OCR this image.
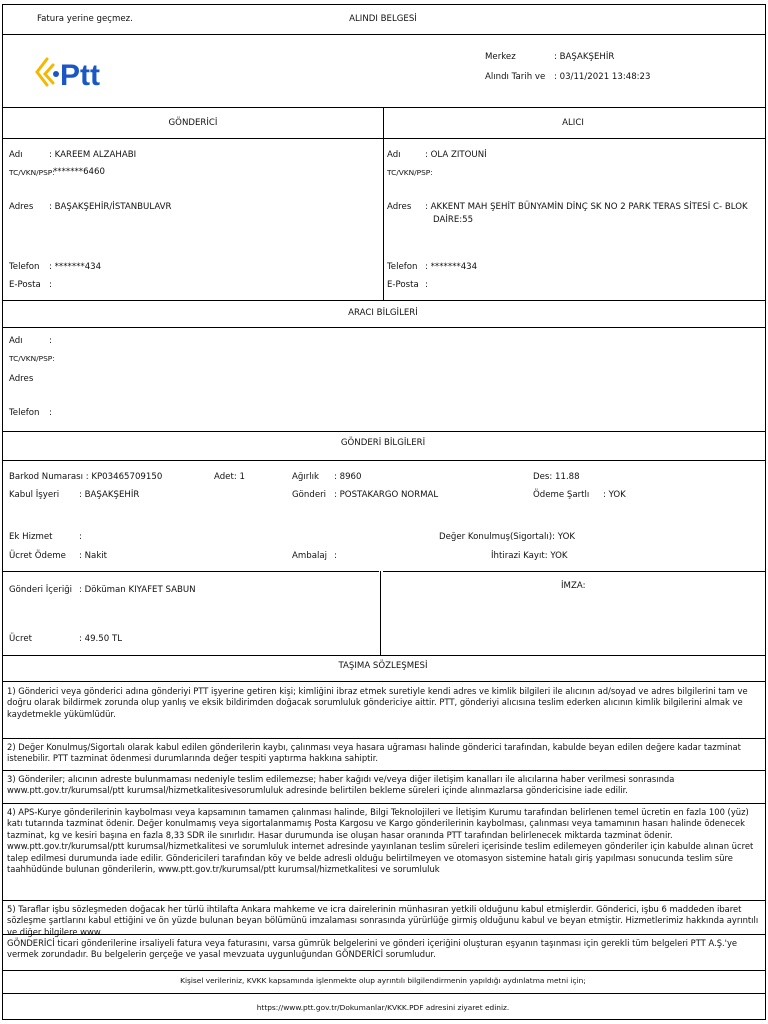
Fatura yerine geçmez.	ALINDI BELGESİ
Ptt
Merkez	: BAŞAKŞEHİR
Alındı Tarih ve : 03/11/2021 13:48:23
GÖNDERİCİ	ALICI
Adı	: KAREEM ALZAHABI
TC/VKN/PSP:
*******6460
Adres : BAŞAKŞEHİR/İSTANBULAVR
Telefon : *******434
E-Posta :
Adı	: OLA ZITOUNİ
TC/VKN/PSP:
Adres : AKKENT MAH ŞEHİT BÜNYAMİN DİNÇ SK NO 2 PARK TERAS SİTESİ C- BLOK
DAİRE:55
Telefon : *******434
E-Posta :
ARACI BİLGİLERİ
Adı	:
TC/VKN/PSP:
Adres
Telefon :
GÖNDERİ BİLGİLERİ
Barkod Numarası : KP03465709150	Adet: 1	Ağırlık : 8960	Des: 11.88
Kabul İşyeri : BAŞAKŞEHİR	Gönderi : POSTAKARGO NORMAL	Ödeme Şartlı : YOK
Ek Hizmet	:	Değer Konulmuş(Sigortalı): YOK
Ücret Ödeme : Nakit	Ambalaj :	İhtirazi Kayıt: YOK
Gönderi İçeriği : Döküman KIYAFET SABUN	İMZA:
Ücret	: 49.50 TL
TAŞIMA SÖZLEŞMESİ
1) Gönderici veya gönderici adına gönderiyi PTT işyerine getiren kişi; kimliğini ibraz etmek suretiyle kendi adres ve kimlik bilgileri ile alıcının ad/soyad ve adres bilgilerini tam ve doğru olarak bildirmek zorunda olup yanlış ve eksik bildirimden doğacak sorumluluk göndericiye aittir. PTT, gönderiyi alıcısına teslim ederken alıcının kimlik bilgilerini almak ve kaydetmekle yükümlüdür.
2) Değer Konulmuş/Sigortalı olarak kabul edilen gönderilerin kaybı, çalınması veya hasara uğraması halinde gönderici tarafından, kabulde beyan edilen değere kadar tazminat istenebilir. PTT tazminat ödenmesi durumlarında değer tespiti yaptırma hakkına sahiptir.
3) Gönderiler; alıcının adreste bulunmaması nedeniyle teslim edilemezse; haber kağıdı ve/veya diğer iletişim kanalları ile alıcılarına haber verilmesi sonrasında www.ptt.gov.tr/kurumsal/ptt kurumsal/hizmetkalitesivesorumluluk adresinde belirtilen bekleme süreleri içinde alınmazlarsa göndericisine iade edilir.
4) APS-Kurye gönderilerinin kaybolması veya kapsamının tamamen çalınması halinde, Bilgi Teknolojileri ve İletişim Kurumu tarafından belirlenen temel ücretin en fazla 100 (yüz) katı tutarında tazminat ödenir. Değer konulmamış veya sigortalanmamış Posta Kargosu ve Kargo gönderilerinin kaybolması, çalınması veya tamamının hasarı halinde ödenecek tazminat, kg ve kesiri başına en fazla 8,33 SDR ile sınırlıdır. Hasar durumunda ise oluşan hasar oranında PTT tarafından belirlenecek miktarda tazminat ödenir. www.ptt.gov.tr/kurumsal/ptt kurumsal/hizmetkalitesi ve sorumluluk internet adresinde yayınlanan teslim süreleri içerisinde teslim edilemeyen gönderiler için kabulde alınan ücret talep edilmesi durumunda iade edilir. Göndericileri tarafından köy ve belde adresli olduğu belirtilmeyen ve otomasyon sistemine hatalı giriş yapılması sonucunda teslim süre taahhüdünde bulunan gönderilerin, www.ptt.gov.tr/kurumsal/ptt kurumsal/hizmetkalitesi ve sorumluluk
5) Taraflar işbu sözleşmeden doğacak her türlü ihtilafta Ankara mahkeme ve icra dairelerinin münhasıran yetkili olduğunu kabul etmişlerdir. Gönderici, işbu 6 maddeden ibaret sözleşme şartlarını kabul ettiğini ve ön yüzde bulunan beyan bölümünü imzalaması sonrasında yürürlüğe girmiş olduğunu kabul ve beyan etmiştir. Hizmetlerimiz hakkında ayrıntılı ve diğer bilgilere www.
GÖNDERİCİ ticari gönderilerine irsaliyeli fatura veya faturasını, varsa gümrük belgelerini ve gönderi içeriğini oluşturan eşyanın taşınması için gerekli tüm belgeleri PTT A.Ş.'ye vermek zorundadır. Bu belgelerin gerçeğe ve yasal mevzuata uygunluğundan GÖNDERİCİ sorumludur.
Kişisel verileriniz, KVKK kapsamında işlenmekte olup ayrıntılı bilgilendirmenin yapıldığı aydınlatma metni için;
https://www.ptt.gov.tr/Dokumanlar/KVKK.PDF adresini ziyaret ediniz.
